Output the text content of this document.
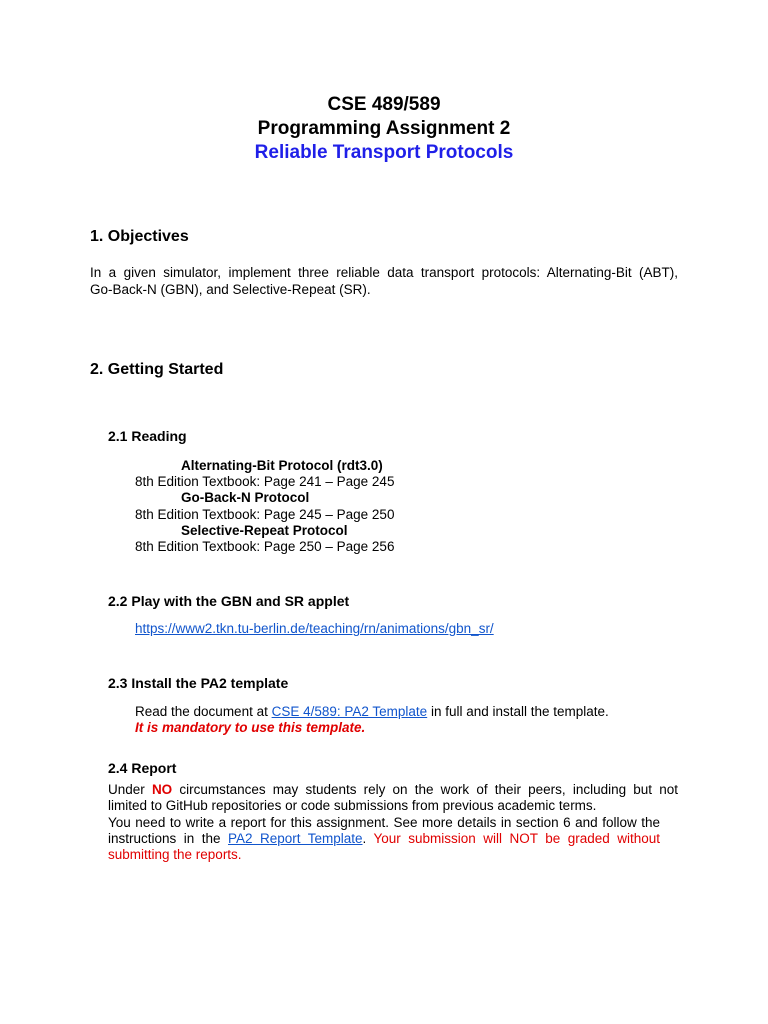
CSE 489/589
Programming Assignment 2
Reliable Transport Protocols
1. Objectives
In a given simulator, implement three reliable data transport protocols: Alternating-Bit (ABT),
Go-Back-N (GBN), and Selective-Repeat (SR).
2. Getting Started
2.1 Reading
Alternating-Bit Protocol (rdt3.0)
8th Edition Textbook: Page 241 – Page 245
Go-Back-N Protocol
8th Edition Textbook: Page 245 – Page 250
Selective-Repeat Protocol
8th Edition Textbook: Page 250 – Page 256
2.2 Play with the GBN and SR applet
https://www2.tkn.tu-berlin.de/teaching/rn/animations/gbn_sr/
2.3 Install the PA2 template
Read the document at CSE 4/589: PA2 Template in full and install the template.
It is mandatory to use this template.
2.4 Report
Under NO circumstances may students rely on the work of their peers, including but not
limited to GitHub repositories or code submissions from previous academic terms.
You need to write a report for this assignment. See more details in section 6 and follow the
instructions in the PA2 Report Template. Your submission will NOT be graded without
submitting the reports.
